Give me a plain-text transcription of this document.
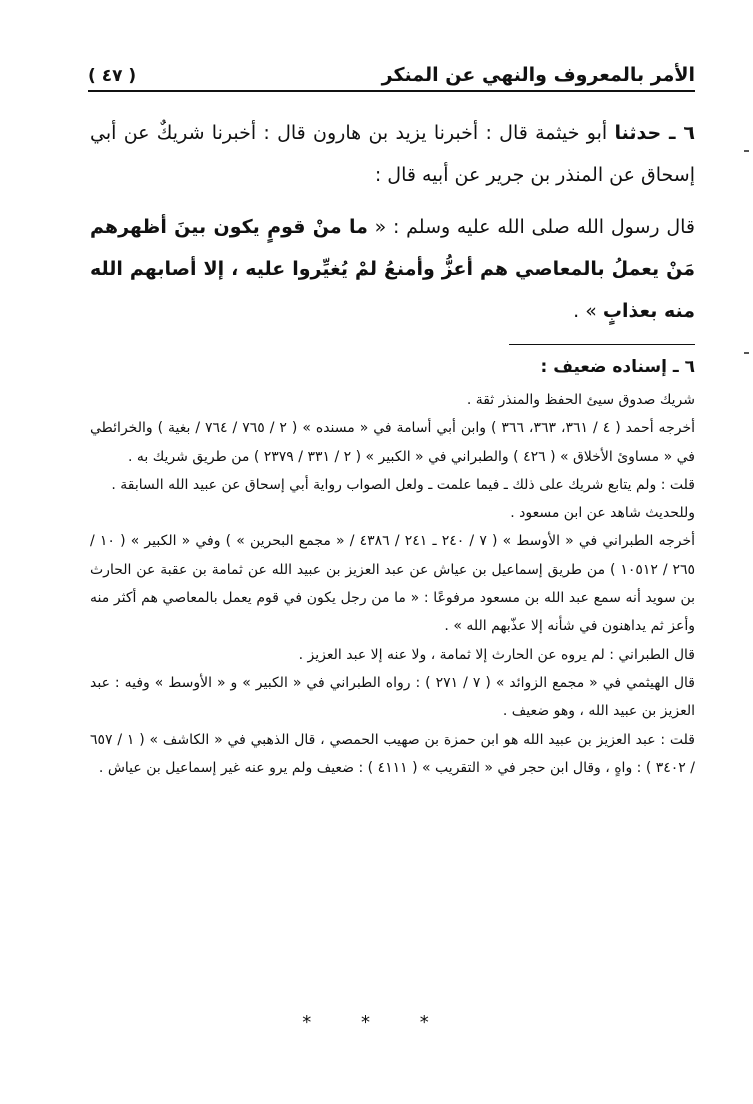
الأمر بالمعروف والنهي عن المنكر
( ٤٧ )

٦ ـ حدثنا أبو خيثمة قال : أخبرنا يزيد بن هارون قال : أخبرنا شريكٌ عن أبي إسحاق عن المنذر بن جرير عن أبيه قال :

قال رسول الله صلى الله عليه وسلم : « ما منْ قومٍ يكون بينَ أظهرهم مَنْ يعملُ بالمعاصي هم أعزُّ وأمنعُ لمْ يُغيِّروا عليه ، إلا أصابهم الله منه بعذابٍ » .

٦ ـ إسناده ضعيف :

شريك صدوق سيئ الحفظ والمنذر ثقة .

أخرجه أحمد ( ٤ / ٣٦١، ٣٦٣، ٣٦٦ ) وابن أبي أسامة في « مسنده » ( ٢ / ٧٦٥ / ٧٦٤ / بغية ) والخرائطي في « مساوئ الأخلاق » ( ٤٢٦ ) والطبراني في « الكبير » ( ٢ / ٣٣١ / ٢٣٧٩ ) من طريق شريك به .

قلت : ولم يتابع شريك على ذلك ـ فيما علمت ـ ولعل الصواب رواية أبي إسحاق عن عبيد الله السابقة .

وللحديث شاهد عن ابن مسعود .

أخرجه الطبراني في « الأوسط » ( ٧ / ٢٤٠ ـ ٢٤١ / ٤٣٨٦ / « مجمع البحرين » ) وفي « الكبير » ( ١٠ / ٢٦٥ / ١٠٥١٢ ) من طريق إسماعيل بن عياش عن عبد العزيز بن عبيد الله عن ثمامة بن عقبة عن الحارث بن سويد أنه سمع عبد الله بن مسعود مرفوعًا : « ما من رجل يكون في قوم يعمل بالمعاصي هم أكثر منه وأعز ثم يداهنون في شأنه إلا عذّبهم الله » .

قال الطبراني : لم يروه عن الحارث إلا ثمامة ، ولا عنه إلا عبد العزيز .

قال الهيثمي في « مجمع الزوائد » ( ٧ / ٢٧١ ) : رواه الطبراني في « الكبير » و « الأوسط » وفيه : عبد العزيز بن عبيد الله ، وهو ضعيف .

قلت : عبد العزيز بن عبيد الله هو ابن حمزة بن صهيب الحمصي ، قال الذهبي في « الكاشف » ( ١ / ٦٥٧ / ٣٤٠٢ ) : واهٍ ، وقال ابن حجر في « التقريب » ( ٤١١١ ) : ضعيف ولم يرو عنه غير إسماعيل بن عياش .

* * *
